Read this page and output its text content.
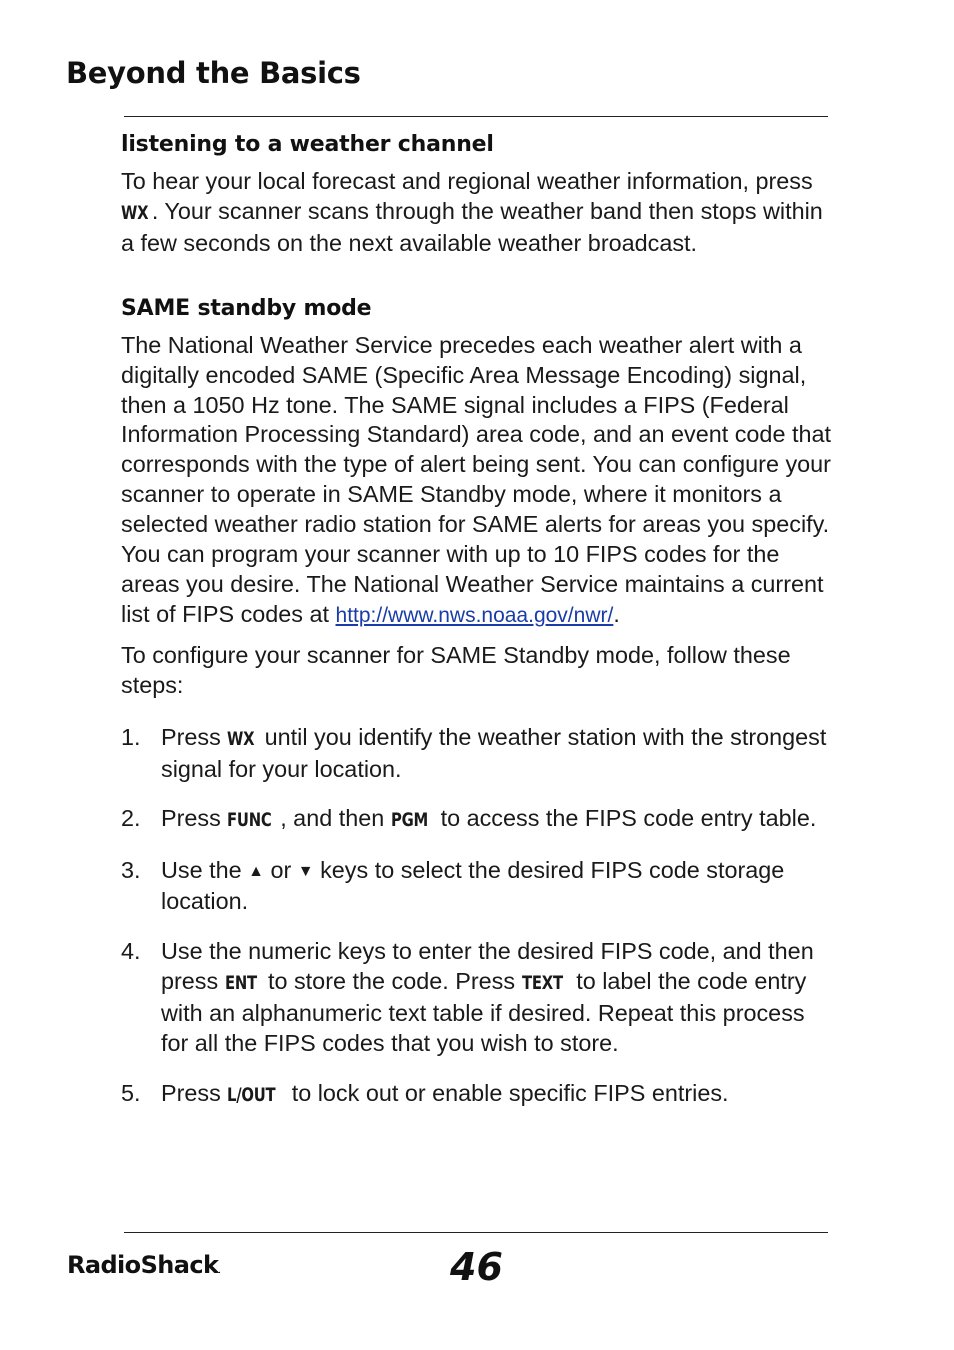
Beyond the Basics
listening to a weather channel

To hear your local forecast and regional weather information, press WX . Your scanner scans through the weather band then stops within a few seconds on the next available weather broadcast.

SAME standby mode

The National Weather Service precedes each weather alert with a digitally encoded SAME (Specific Area Message Encoding) signal, then a 1050 Hz tone. The SAME signal includes a FIPS (Federal Information Processing Standard) area code, and an event code that corresponds with the type of alert being sent. You can configure your scanner to operate in SAME Standby mode, where it monitors a selected weather radio station for SAME alerts for areas you specify. You can program your scanner with up to 10 FIPS codes for the areas you desire. The National Weather Service maintains a current list of FIPS codes at http://www.nws.noaa.gov/nwr/.

To configure your scanner for SAME Standby mode, follow these steps:

1. Press WX until you identify the weather station with the strongest signal for your location.
2. Press FUNC , and then PGM to access the FIPS code entry table.
3. Use the ▲ or ▼ keys to select the desired FIPS code storage location.
4. Use the numeric keys to enter the desired FIPS code, and then press ENT to store the code. Press TEXT to label the code entry with an alphanumeric text table if desired. Repeat this process for all the FIPS codes that you wish to store.
5. Press L/OUT to lock out or enable specific FIPS entries.
RadioShack.	46
